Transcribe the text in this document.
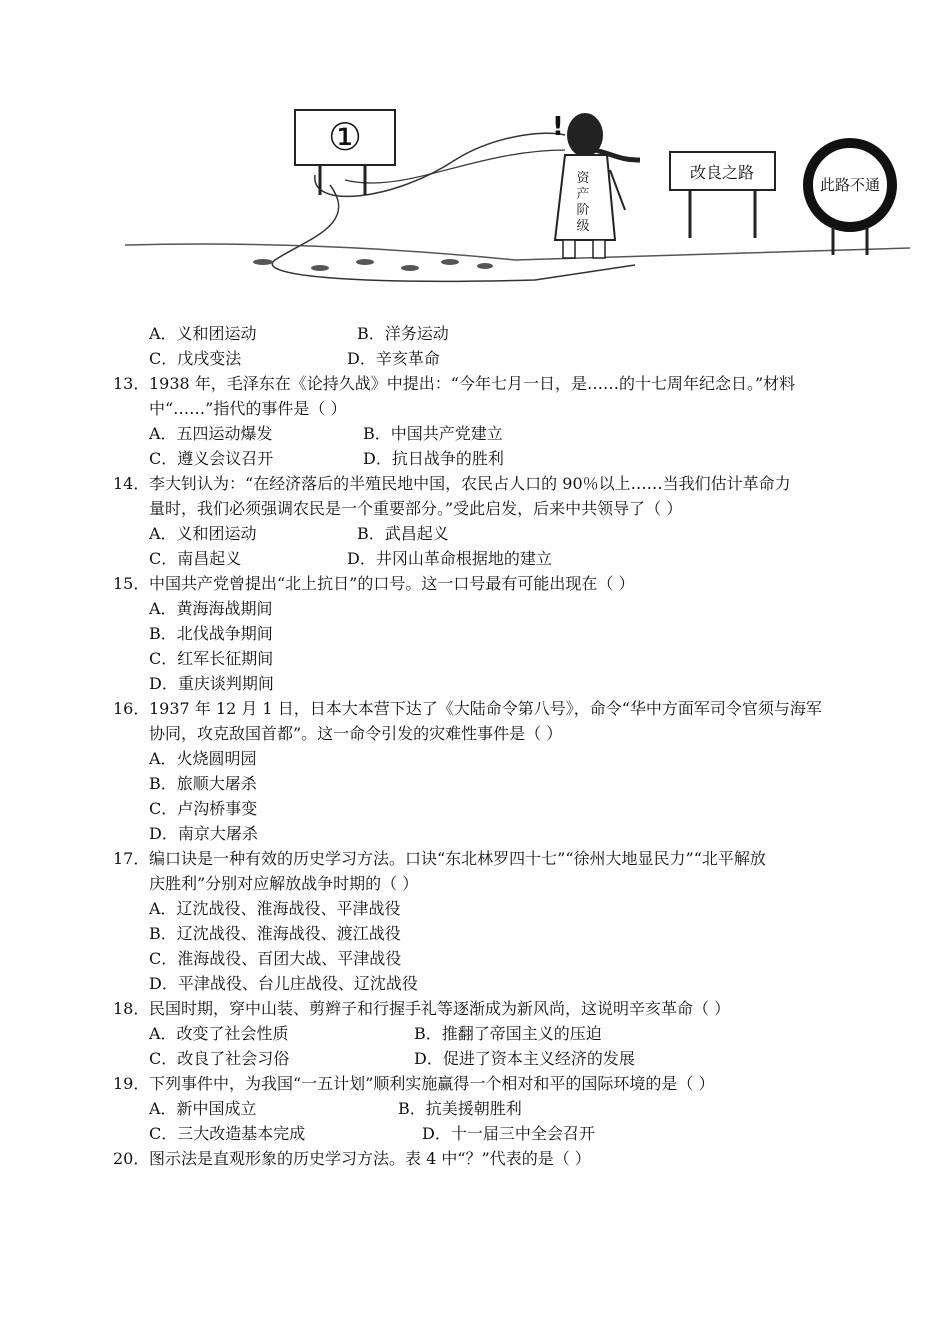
①	!
资
产
阶
级
改良之路
此路不通
A．义和团运动	B．洋务运动
C．戊戌变法	D．辛亥革命
13． 1938 年，毛泽东在《论持久战》中提出：“今年七月一日，是……的十七周年纪念日。”材料
中“……”指代的事件是（ ）
A．五四运动爆发	B．中国共产党建立
C．遵义会议召开	D．抗日战争的胜利
14． 李大钊认为：“在经济落后的半殖民地中国，农民占人口的 90％以上……当我们估计革命力
量时，我们必须强调农民是一个重要部分。”受此启发，后来中共领导了（ ）
A．义和团运动	B．武昌起义
C．南昌起义	D．井冈山革命根据地的建立
15． 中国共产党曾提出“北上抗日”的口号。这一口号最有可能出现在（ ）
A．黄海海战期间
B．北伐战争期间
C．红军长征期间
D．重庆谈判期间
16． 1937 年 12 月 1 日，日本大本营下达了《大陆命令第八号》，命令“华中方面军司令官须与海军
协同，攻克敌国首都”。这一命令引发的灾难性事件是（ ）
A．火烧圆明园
B．旅顺大屠杀
C．卢沟桥事变
D．南京大屠杀
17． 编口诀是一种有效的历史学习方法。口诀“东北林罗四十七”“徐州大地显民力”“北平解放
庆胜利”分别对应解放战争时期的（ ）
A．辽沈战役、淮海战役、平津战役
B．辽沈战役、淮海战役、渡江战役
C．淮海战役、百团大战、平津战役
D．平津战役、台儿庄战役、辽沈战役
18． 民国时期，穿中山装、剪辫子和行握手礼等逐渐成为新风尚，这说明辛亥革命（ ）
A．改变了社会性质	B．推翻了帝国主义的压迫
C．改良了社会习俗	D．促进了资本主义经济的发展
19． 下列事件中，为我国“一五计划”顺利实施赢得一个相对和平的国际环境的是（ ）
A．新中国成立	B．抗美援朝胜利
C．三大改造基本完成	D．十一届三中全会召开
20． 图示法是直观形象的历史学习方法。表 4 中“？”代表的是（ ）
